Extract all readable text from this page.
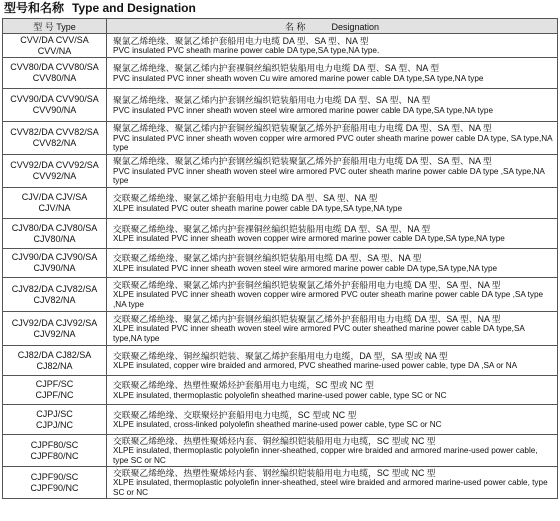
型号和名称 Type and Designation
型 号 Type	名 称 Designation

CVV/DA CVV/SA
CVV/NA	聚氯乙烯绝缘、聚氯乙烯护套船用电力电缆 DA 型、SA 型、NA 型
PVC insulated PVC sheath marine power cable DA type,SA type,NA type.

CVV80/DA CVV80/SA
CVV80/NA	聚氯乙烯绝缘、聚氯乙烯内护套裸铜丝编织铠装船用电力电缆 DA 型、SA 型、NA 型
PVC insulated PVC inner sheath woven Cu wire amored marine power cable DA type,SA type,NA type

CVV90/DA CVV90/SA
CVV90/NA	聚氯乙烯绝缘、聚氯乙烯内护套钢丝编织铠装船用电力电缆 DA 型、SA 型、NA 型
PVC insulated PVC inner sheath woven steel wire armored marine power cable DA type,SA type,NA type

CVV82/DA CVV82/SA
CVV82/NA	聚氯乙烯绝缘、聚氯乙烯内护套铜丝编织铠装聚氯乙烯外护套船用电力电缆 DA 型、SA 型、NA 型
PVC insulated PVC inner sheath woven copper wire armored PVC outer sheath marine power cable DA type, SA type,NA type

CVV92/DA CVV92/SA
CVV92/NA	聚氯乙烯绝缘、聚氯乙烯内护套钢丝编织铠装聚氯乙烯外护套船用电力电缆 DA 型、SA 型、NA 型
PVC insulated PVC inner sheath woven steel wire armored PVC outer sheath marine power cable DA type ,SA type,NA type

CJV/DA CJV/SA
CJV/NA	交联聚乙烯绝缘、聚氯乙烯护套船用电力电缆 DA 型、SA 型、NA 型
XLPE insulated PVC outer sheath marine power cable DA type,SA type,NA type

CJV80/DA CJV80/SA
CJV80/NA	交联聚乙烯绝缘、聚氯乙烯内护套裸铜丝编织铠装船用电缆 DA 型、SA 型、NA 型
XLPE insulated PVC inner sheath woven copper wire armored marine power cable DA type,SA type,NA type

CJV90/DA CJV90/SA
CJV90/NA	交联聚乙烯绝缘、聚氯乙烯内护套钢丝编织铠装船用电缆 DA 型、SA 型、NA 型
XLPE insulated PVC inner sheath woven steel wire armored marine power cable DA type,SA type,NA type

CJV82/DA CJV82/SA
CJV82/NA	交联聚乙烯绝缘、聚氯乙烯内护套铜丝编织铠装聚氯乙烯外护套船用电力电缆 DA 型、SA 型、NA 型
XLPE insulated PVC inner sheath woven copper wire armored PVC outer sheath marine power cable DA type ,SA type ,NA type

CJV92/DA CJV92/SA
CJV92/NA	交联聚乙烯绝缘、聚氯乙烯内护套钢丝编织铠装聚氯乙烯外护套船用电力电缆 DA 型、SA 型、NA 型
XLPE insulated PVC inner sheath woven steel wire armored PVC outer sheathed marine power cable DA type,SA type,NA type

CJ82/DA CJ82/SA
CJ82/NA	交联聚乙烯绝缘、铜丝编织铠装、聚氯乙烯护套船用电力电缆，DA 型，SA 型或 NA 型
XLPE insulated, copper wire braided and armored, PVC sheathed marine-used power cable, type DA ,SA or NA

CJPF/SC
CJPF/NC	交联聚乙烯绝缘、热塑性聚烯烃护套船用电力电缆，SC 型或 NC 型
XLPE insulated, thermoplastic polyolefin sheathed marine-used power cable, type SC or NC

CJPJ/SC
CJPJ/NC	交联聚乙烯绝缘、交联聚烃护套船用电力电缆，SC 型或 NC 型
XLPE insulated, cross-linked polyolefin sheathed marine-used power cable, type SC or NC

CJPF80/SC
CJPF80/NC	交联聚乙烯绝缘、热塑性聚烯烃内套、铜丝编织铠装船用电力电缆，SC 型或 NC 型
XLPE insulated, thermoplastic polyolefin inner-sheathed, copper wire braided and armored marine-used power cable, type SC or NC

CJPF90/SC
CJPF90/NC	交联聚乙烯绝缘、热塑性聚烯烃内套、钢丝编织铠装船用电力电缆，SC 型或 NC 型
XLPE insulated, thermoplastic polyolefin inner-sheathed, steel wire braided and armored marine-used power cable, type SC or NC
